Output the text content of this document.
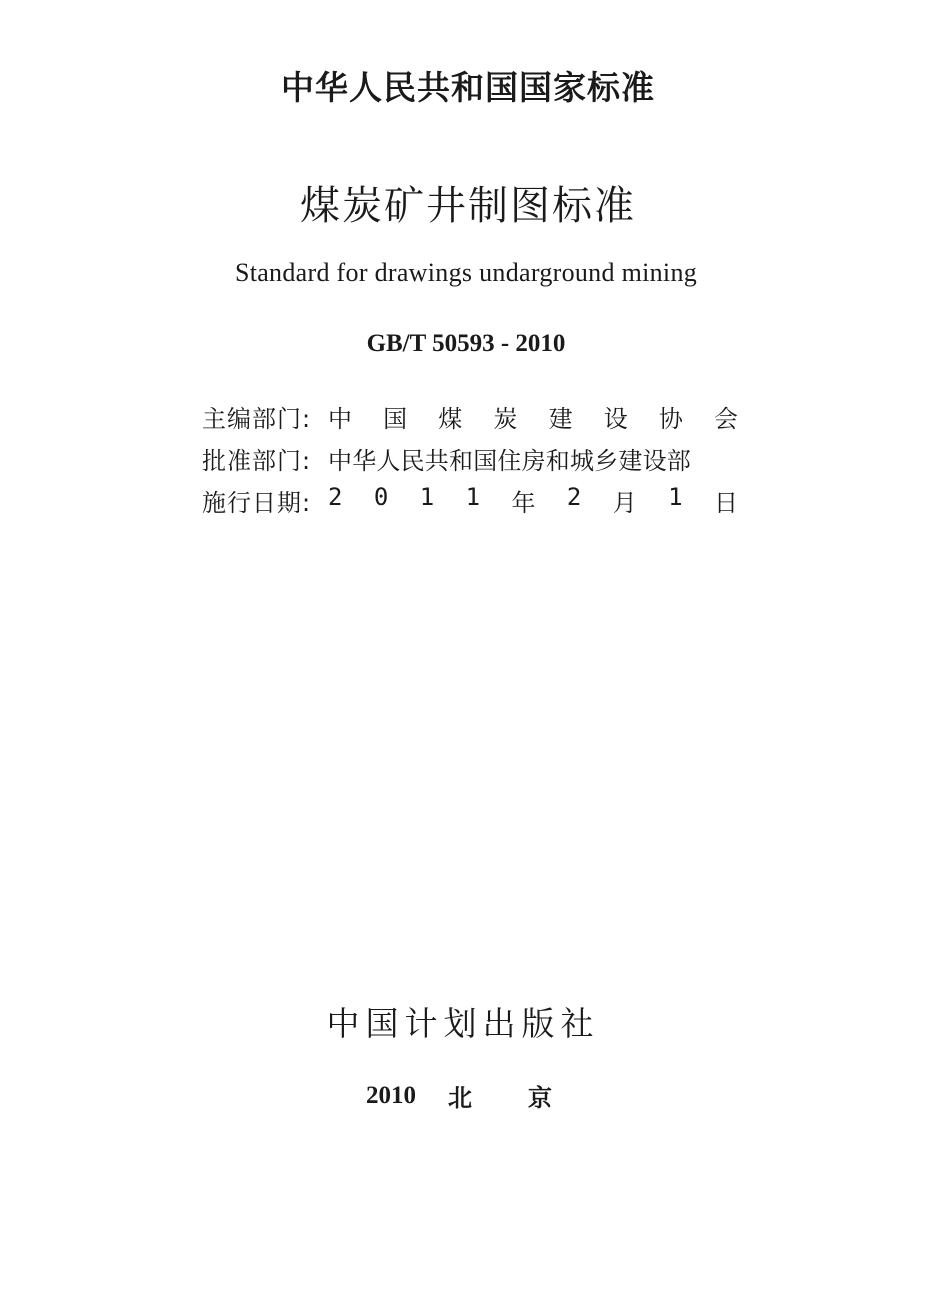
中华人民共和国国家标准
煤炭矿井制图标准
Standard for drawings undarground mining
GB/T 50593 - 2010
主编部门: 中 国 煤 炭 建 设 协 会
批准部门: 中华人民共和国住房和城乡建设部
施行日期: 2 0 1 1 年 2 月 1 日
中国计划出版社
2010 北 京
